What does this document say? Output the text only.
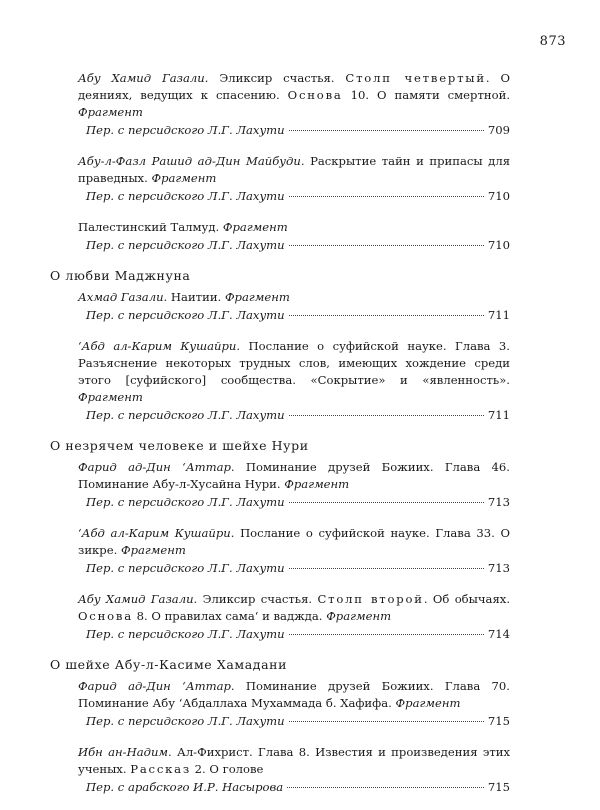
873
Абу Хамид Газали. Эликсир счастья. Столп четвертый. О деяниях, ведущих к спасению. Основа 10. О памяти смертной. Фрагмент
Пер. с персидского Л.Г. Лахути	709
Абу-л-Фазл Рашид ад-Дин Майбуди. Раскрытие тайн и припасы для праведных. Фрагмент
Пер. с персидского Л.Г. Лахути	710
Палестинский Талмуд. Фрагмент
Пер. с персидского Л.Г. Лахути	710
О любви Маджнуна
Ахмад Газали. Наитии. Фрагмент
Пер. с персидского Л.Г. Лахути	711
‘Абд ал-Карим Кушайри. Послание о суфийской науке. Глава 3. Разъяснение некоторых трудных слов, имеющих хождение среди этого [суфийского] сообщества. «Сокрытие» и «явленность». Фрагмент
Пер. с персидского Л.Г. Лахути	711
О незрячем человеке и шейхе Нури
Фарид ад-Дин ‘Аттар. Поминание друзей Божиих. Глава 46. Поминание Абу-л-Хусайна Нури. Фрагмент
Пер. с персидского Л.Г. Лахути	713
‘Абд ал-Карим Кушайри. Послание о суфийской науке. Глава 33. О зикре. Фрагмент
Пер. с персидского Л.Г. Лахути	713
Абу Хамид Газали. Эликсир счастья. Столп второй. Об обычаях. Основа 8. О правилах сама‘ и ваджда. Фрагмент
Пер. с персидского Л.Г. Лахути	714
О шейхе Абу-л-Касиме Хамадани
Фарид ад-Дин ‘Аттар. Поминание друзей Божиих. Глава 70. Поминание Абу ‘Абдаллаха Мухаммада б. Хафифа. Фрагмент
Пер. с персидского Л.Г. Лахути	715
Ибн ан-Надим. Ал-Фихрист. Глава 8. Известия и произведения этих ученых. Рассказ 2. О голове
Пер. с арабского И.Р. Насырова	715
